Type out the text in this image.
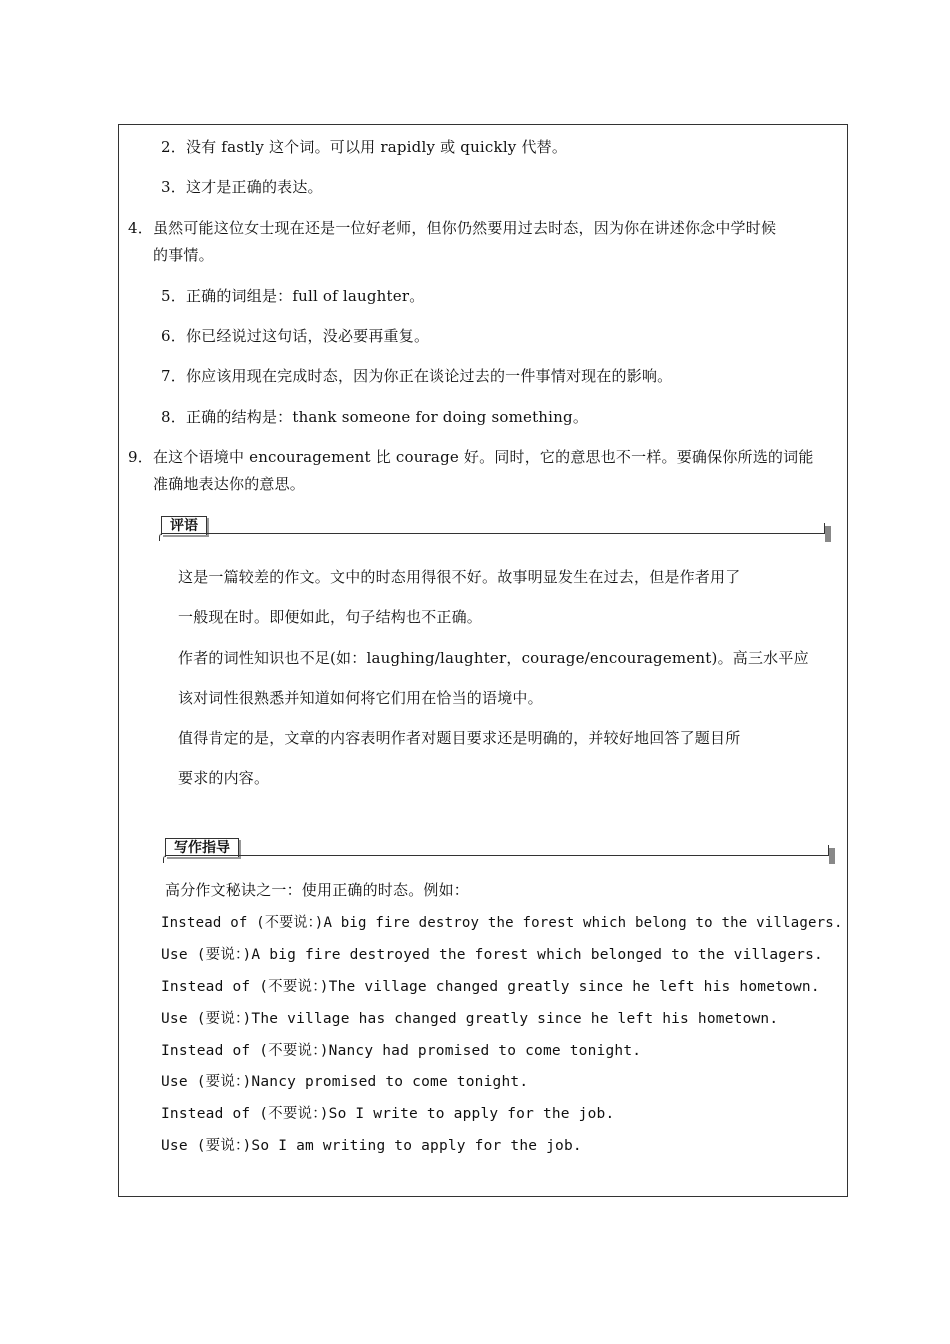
2．没有 fastly 这个词。可以用 rapidly 或 quickly 代替。
3．这才是正确的表达。
4．虽然可能这位女士现在还是一位好老师，但你仍然要用过去时态，因为你在讲述你念中学时候
的事情。
5．正确的词组是：full of laughter。
6．你已经说过这句话，没必要再重复。
7．你应该用现在完成时态，因为你正在谈论过去的一件事情对现在的影响。
8．正确的结构是：thank someone for doing something。
9．在这个语境中 encouragement 比 courage 好。同时，它的意思也不一样。要确保你所选的词能
准确地表达你的意思。
评语
这是一篇较差的作文。文中的时态用得很不好。故事明显发生在过去，但是作者用了
一般现在时。即便如此，句子结构也不正确。
作者的词性知识也不足(如：laughing/laughter，courage/encouragement)。高三水平应
该对词性很熟悉并知道如何将它们用在恰当的语境中。
值得肯定的是，文章的内容表明作者对题目要求还是明确的，并较好地回答了题目所
要求的内容。
写作指导
高分作文秘诀之一：使用正确的时态。例如：
Instead of (不要说：)A big fire destroy the forest which belong to the villagers.
Use (要说：)A big fire destroyed the forest which belonged to the villagers.
Instead of (不要说：)The village changed greatly since he left his hometown.
Use (要说：)The village has changed greatly since he left his hometown.
Instead of (不要说：)Nancy had promised to come tonight.
Use (要说：)Nancy promised to come tonight.
Instead of (不要说：)So I write to apply for the job.
Use (要说：)So I am writing to apply for the job.
